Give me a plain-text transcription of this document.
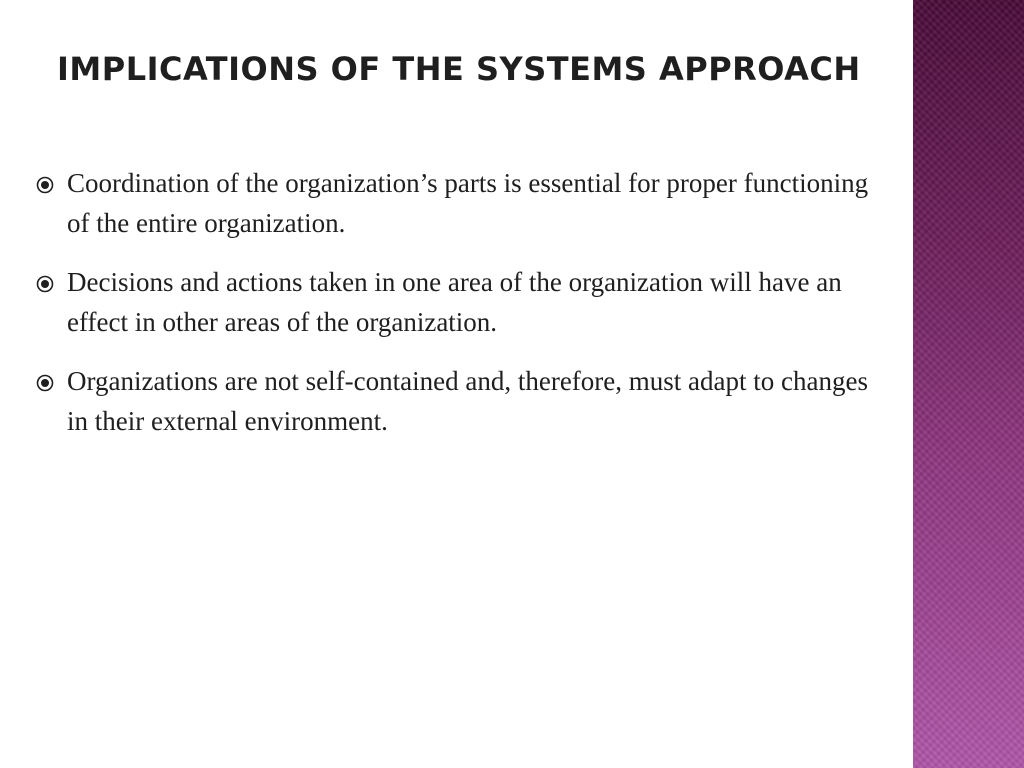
IMPLICATIONS OF THE SYSTEMS APPROACH
Coordination of the organization’s parts is essential for proper functioning of the entire organization.
Decisions and actions taken in one area of the organization will have an effect in other areas of the organization.
Organizations are not self-contained and, therefore, must adapt to changes in their external environment.
